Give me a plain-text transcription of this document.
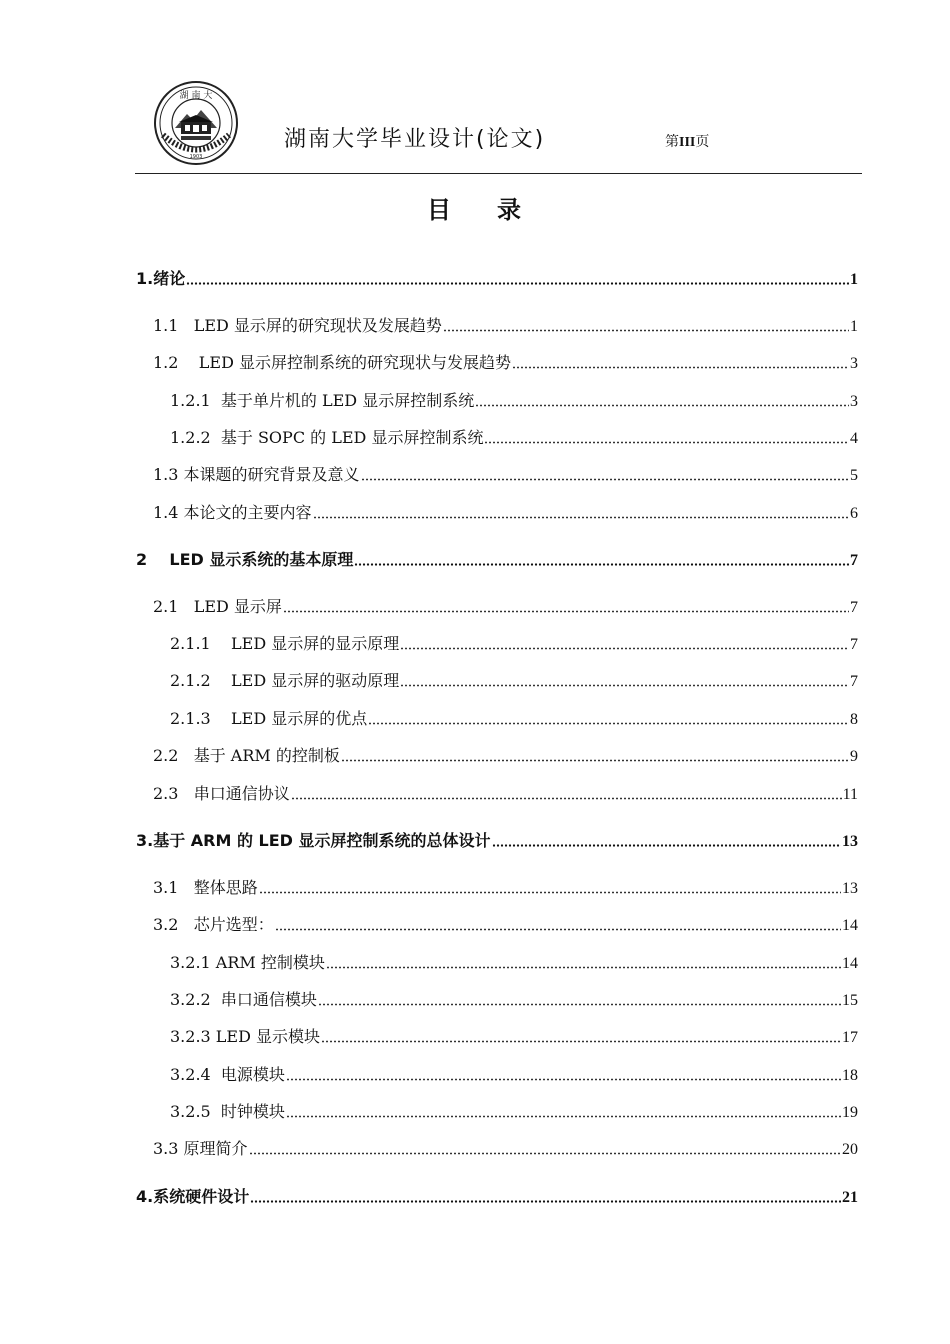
湖 南 大
1903
湖南大学毕业设计(论文)	第III页
目 录
1.绪论	1
1.1   LED 显示屏的研究现状及发展趋势	1
1.2    LED 显示屏控制系统的研究现状与发展趋势	3
1.2.1  基于单片机的 LED 显示屏控制系统	3
1.2.2  基于 SOPC 的 LED 显示屏控制系统	4
1.3 本课题的研究背景及意义	5
1.4 本论文的主要内容	6
2    LED 显示系统的基本原理	7
2.1   LED 显示屏	7
2.1.1    LED 显示屏的显示原理	7
2.1.2    LED 显示屏的驱动原理	7
2.1.3    LED 显示屏的优点	8
2.2   基于 ARM 的控制板	9
2.3   串口通信协议	11
3.基于 ARM 的 LED 显示屏控制系统的总体设计	13
3.1   整体思路	13
3.2   芯片选型：	14
3.2.1 ARM 控制模块	14
3.2.2  串口通信模块	15
3.2.3 LED 显示模块	17
3.2.4  电源模块	18
3.2.5  时钟模块	19
3.3 原理简介	20
4.系统硬件设计	21
